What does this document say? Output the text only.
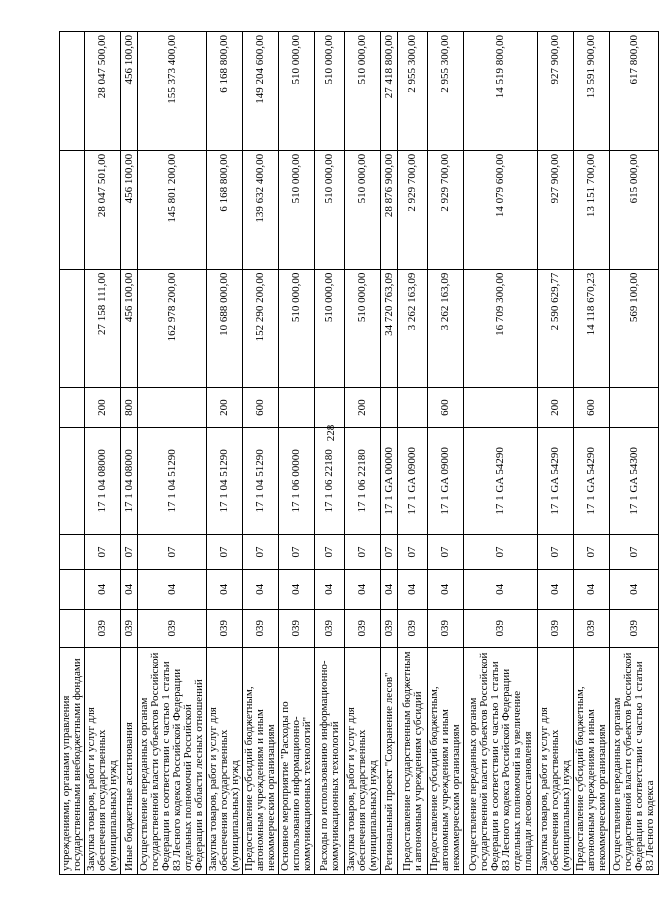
228
учреждениями, органами управления государственными внебюджетными фондами								
Закупка товаров, работ и услуг для обеспечения государственных (муниципальных) нужд	039	04	07	17 1 04 08000	200	27 158 111,00	28 047 501,00	28 047 500,00
Иные бюджетные ассигнования	039	04	07	17 1 04 08000	800	456 100,00	456 100,00	456 100,00
Осуществление переданных органам государственной власти субъектов Российской Федерации в соответствии с частью 1 статьи 83 Лесного кодекса Российской Федерации отдельных полномочий Российской Федерации в области лесных отношений	039	04	07	17 1 04 51290		162 978 200,00	145 801 200,00	155 373 400,00
Закупка товаров, работ и услуг для обеспечения государственных (муниципальных) нужд	039	04	07	17 1 04 51290	200	10 688 000,00	6 168 800,00	6 168 800,00
Предоставление субсидий бюджетным, автономным учреждениям и иным некоммерческим организациям	039	04	07	17 1 04 51290	600	152 290 200,00	139 632 400,00	149 204 600,00
Основное мероприятие "Расходы по использованию информационно-коммуникационных технологий"	039	04	07	17 1 06 00000		510 000,00	510 000,00	510 000,00
Расходы по использованию информационно-коммуникационных технологий	039	04	07	17 1 06 22180		510 000,00	510 000,00	510 000,00
Закупка товаров, работ и услуг для обеспечения государственных (муниципальных) нужд	039	04	07	17 1 06 22180	200	510 000,00	510 000,00	510 000,00
Региональный проект "Сохранение лесов"	039	04	07	17 1 GA 00000		34 720 763,09	28 876 900,00	27 418 800,00
Предоставление государственным бюджетным и автономным учреждениям субсидий	039	04	07	17 1 GA 09000		3 262 163,09	2 929 700,00	2 955 300,00
Предоставление субсидий бюджетным, автономным учреждениям и иным некоммерческим организациям	039	04	07	17 1 GA 09000	600	3 262 163,09	2 929 700,00	2 955 300,00
Осуществление переданных органам государственной власти субъектов Российской Федерации в соответствии с частью 1 статьи 83 Лесного кодекса Российской Федерации отдельных полномочий на увеличение площади лесовосстановления	039	04	07	17 1 GA 54290		16 709 300,00	14 079 600,00	14 519 800,00
Закупка товаров, работ и услуг для обеспечения государственных (муниципальных) нужд	039	04	07	17 1 GA 54290	200	2 590 629,77	927 900,00	927 900,00
Предоставление субсидий бюджетным, автономным учреждениям и иным некоммерческим организациям	039	04	07	17 1 GA 54290	600	14 118 670,23	13 151 700,00	13 591 900,00
Осуществление переданных органам государственной власти субъектов Российской Федерации в соответствии с частью 1 статьи 83 Лесного кодекса	039	04	07	17 1 GA 54300		569 100,00	615 000,00	617 800,00
